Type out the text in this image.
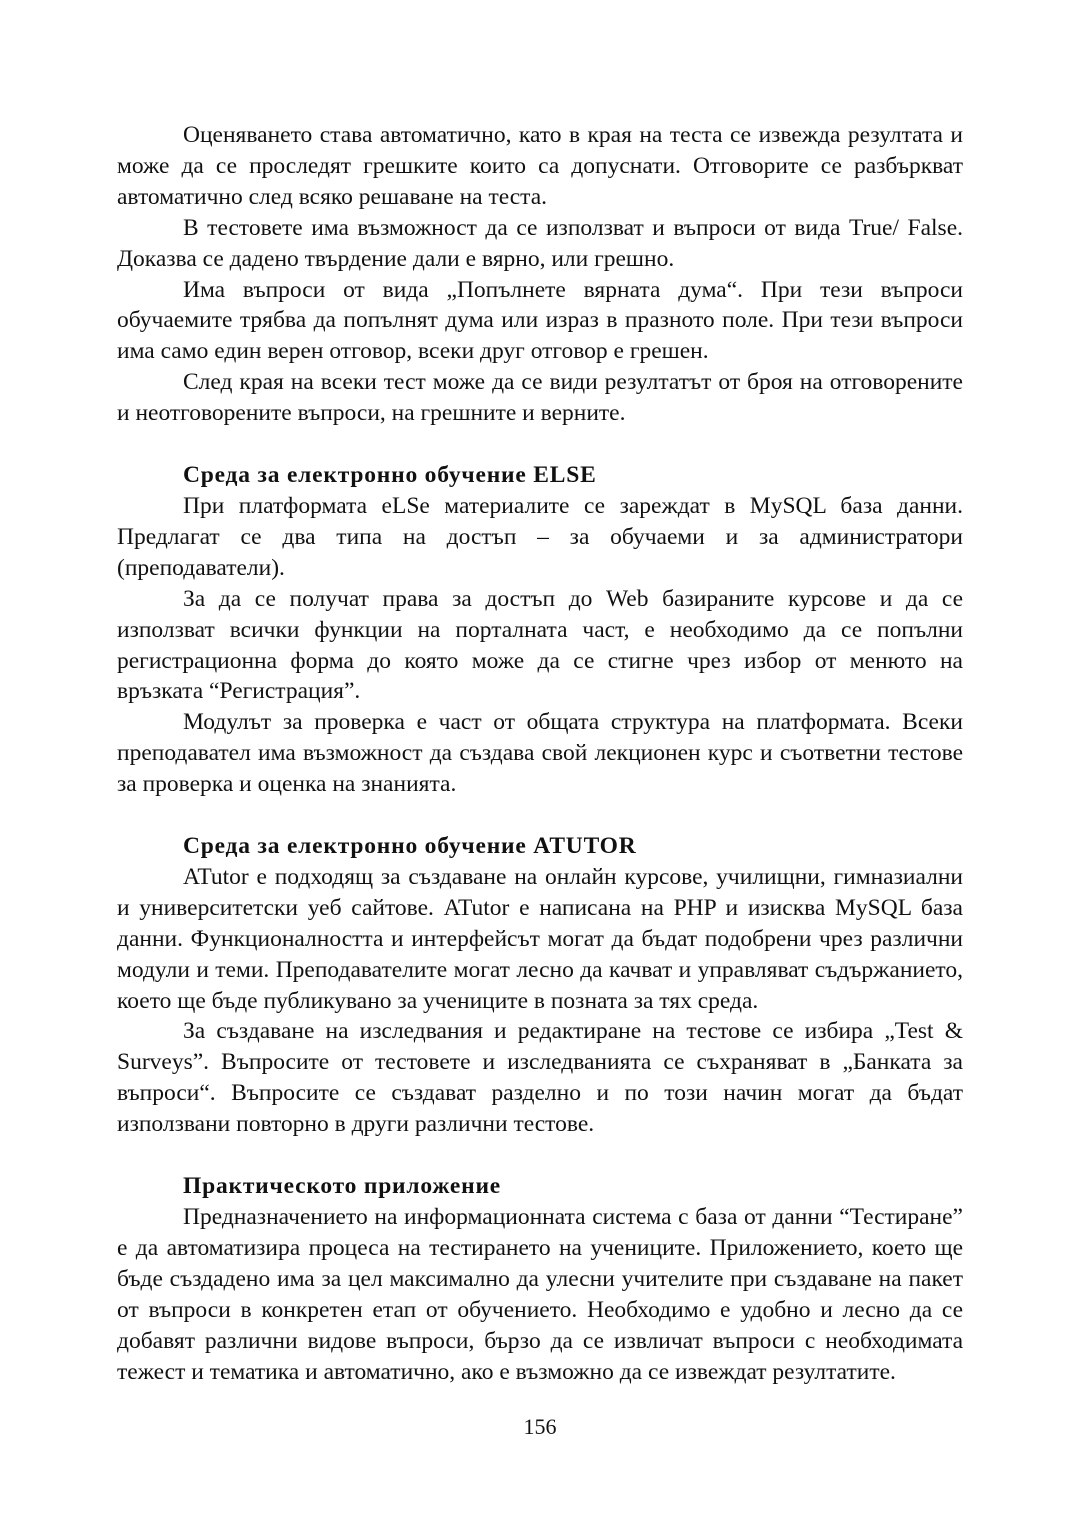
Оценяването става автоматично, като в края на теста се извежда резултата и може да се проследят грешките които са допуснати. Отговорите се разбъркват автоматично след всяко решаване на теста.

В тестовете има възможност да се използват и въпроси от вида True/ False. Доказва се дадено твърдение дали е вярно, или грешно.

Има въпроси от вида „Попълнете вярната дума“. При тези въпроси обучаемите трябва да попълнят дума или израз в празното поле. При тези въпроси има само един верен отговор, всеки друг отговор е грешен.

След края на всеки тест може да се види резултатът от броя на отговорените и неотговорените въпроси, на грешните и верните.

Среда за електронно обучение ELSE

При платформата eLSe материалите се зареждат в MySQL база данни. Предлагат се два типа на достъп – за обучаеми и за администратори (преподаватели).

За да се получат права за достъп до Web базираните курсове и да се използват всички функции на порталната част, е необходимо да се попълни регистрационна форма до която може да се стигне чрез избор от менюто на връзката “Регистрация”.

Модулът за проверка е част от общата структура на платформата. Всеки преподавател има възможност да създава свой лекционен курс и съответни тестове за проверка и оценка на знанията.

Среда за електронно обучение ATUTOR

ATutor е подходящ за създаване на онлайн курсове, училищни, гимназиални и университетски уеб сайтове. ATutor е написана на PHP и изисква MySQL база данни. Функционалността и интерфейсът могат да бъдат подобрени чрез различни модули и теми. Преподавателите могат лесно да качват и управляват съдържанието, което ще бъде публикувано за учениците в позната за тях среда.

За създаване на изследвания и редактиране на тестове се избира „Test & Surveys”. Въпросите от тестовете и изследванията се съхраняват в „Банката за въпроси“. Въпросите се създават разделно и по този начин могат да бъдат използвани повторно в други различни тестове.

Практическото приложение

Предназначението на информационната система с база от данни “Тестиране” е да автоматизира процеса на тестирането на учениците. Приложението, което ще бъде създадено има за цел максимално да улесни учителите при създаване на пакет от въпроси в конкретен етап от обучението. Необходимо е удобно и лесно да се добавят различни видове въпроси, бързо да се извличат въпроси с необходимата тежест и тематика и автоматично, ако е възможно да се извеждат резултатите.

156
